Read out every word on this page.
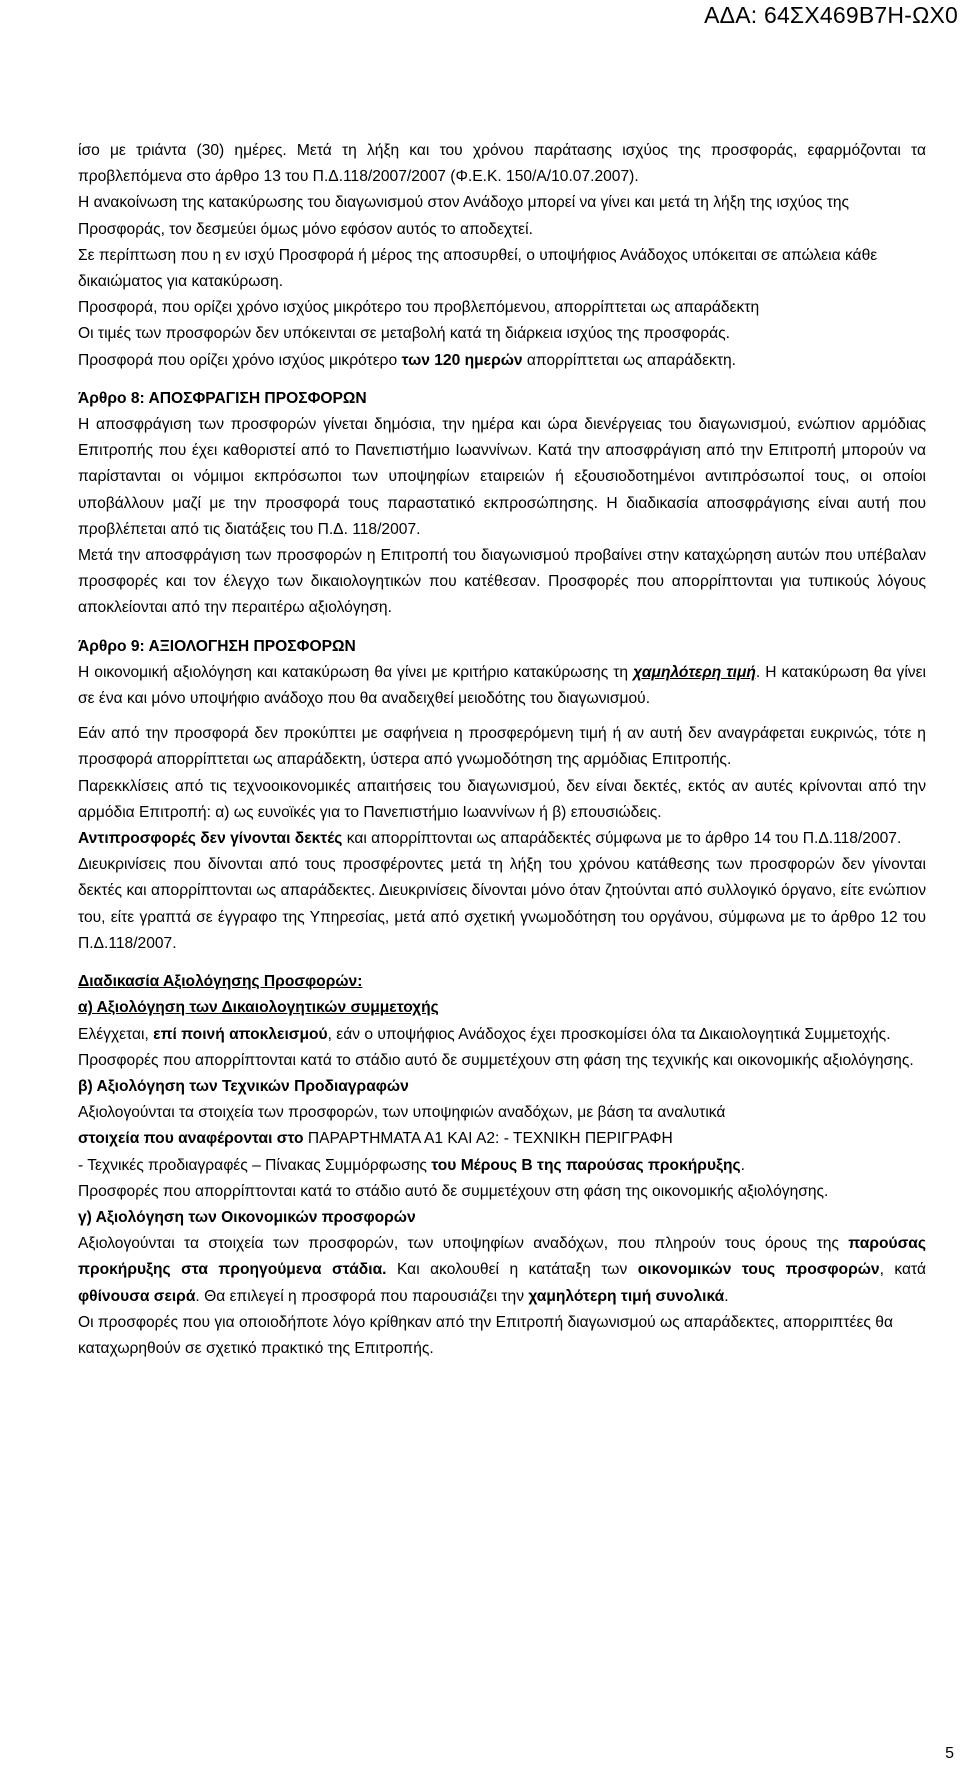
ΑΔΑ: 64ΣΧ469Β7Η-ΩΧ0

ίσο με τριάντα (30) ημέρες. Μετά τη λήξη και του χρόνου παράτασης ισχύος της προσφοράς, εφαρμόζονται τα προβλεπόμενα στο άρθρο 13 του Π.Δ.118/2007/2007 (Φ.Ε.Κ. 150/Α/10.07.2007).

Η ανακοίνωση της κατακύρωσης του διαγωνισμού στον Ανάδοχο μπορεί να γίνει και μετά τη λήξη της ισχύος της Προσφοράς, τον δεσμεύει όμως μόνο εφόσον αυτός το αποδεχτεί.

Σε περίπτωση που η εν ισχύ Προσφορά ή μέρος της αποσυρθεί, ο υποψήφιος Ανάδοχος υπόκειται σε απώλεια κάθε δικαιώματος για κατακύρωση.

Προσφορά, που ορίζει χρόνο ισχύος μικρότερο του προβλεπόμενου, απορρίπτεται ως απαράδεκτη

Οι τιμές των προσφορών δεν υπόκεινται σε μεταβολή κατά τη διάρκεια ισχύος της προσφοράς.

Προσφορά που ορίζει χρόνο ισχύος μικρότερο των 120 ημερών απορρίπτεται ως απαράδεκτη.

Άρθρο 8: ΑΠΟΣΦΡΑΓΙΣΗ ΠΡΟΣΦΟΡΩΝ

Η αποσφράγιση των προσφορών γίνεται δημόσια, την ημέρα και ώρα διενέργειας του διαγωνισμού, ενώπιον αρμόδιας Επιτροπής που έχει καθοριστεί από το Πανεπιστήμιο Ιωαννίνων. Κατά την αποσφράγιση από την Επιτροπή μπορούν να παρίστανται οι νόμιμοι εκπρόσωποι των υποψηφίων εταιρειών ή εξουσιοδοτημένοι αντιπρόσωποί τους, οι οποίοι υποβάλλουν μαζί με την προσφορά τους παραστατικό εκπροσώπησης. Η διαδικασία αποσφράγισης είναι αυτή που προβλέπεται από τις διατάξεις του Π.Δ. 118/2007.

Μετά την αποσφράγιση των προσφορών η Επιτροπή του διαγωνισμού προβαίνει στην καταχώρηση αυτών που υπέβαλαν προσφορές και τον έλεγχο των δικαιολογητικών που κατέθεσαν. Προσφορές που απορρίπτονται για τυπικούς λόγους αποκλείονται από την περαιτέρω αξιολόγηση.

Άρθρο 9: ΑΞΙΟΛΟΓΗΣΗ ΠΡΟΣΦΟΡΩΝ

Η οικονομική αξιολόγηση και κατακύρωση θα γίνει με κριτήριο κατακύρωσης τη χαμηλότερη τιμή. Η κατακύρωση θα γίνει σε ένα και μόνο υποψήφιο ανάδοχο που θα αναδειχθεί μειοδότης του διαγωνισμού.

Εάν από την προσφορά δεν προκύπτει με σαφήνεια η προσφερόμενη τιμή ή αν αυτή δεν αναγράφεται ευκρινώς, τότε η προσφορά απορρίπτεται ως απαράδεκτη, ύστερα από γνωμοδότηση της αρμόδιας Επιτροπής.

Παρεκκλίσεις από τις τεχνοοικονομικές απαιτήσεις του διαγωνισμού, δεν είναι δεκτές, εκτός αν αυτές κρίνονται από την αρμόδια Επιτροπή: α) ως ευνοϊκές για το Πανεπιστήμιο Ιωαννίνων ή β) επουσιώδεις.

Αντιπροσφορές δεν γίνονται δεκτές και απορρίπτονται ως απαράδεκτές σύμφωνα με το άρθρο 14 του Π.Δ.118/2007.

Διευκρινίσεις που δίνονται από τους προσφέροντες μετά τη λήξη του χρόνου κατάθεσης των προσφορών δεν γίνονται δεκτές και απορρίπτονται ως απαράδεκτες. Διευκρινίσεις δίνονται μόνο όταν ζητούνται από συλλογικό όργανο, είτε ενώπιον του, είτε γραπτά σε έγγραφο της Υπηρεσίας, μετά από σχετική γνωμοδότηση του οργάνου, σύμφωνα με το άρθρο 12 του Π.Δ.118/2007.

Διαδικασία Αξιολόγησης Προσφορών:

α) Αξιολόγηση των Δικαιολογητικών συμμετοχής

Ελέγχεται, επί ποινή αποκλεισμού, εάν ο υποψήφιος Ανάδοχος έχει προσκομίσει όλα τα Δικαιολογητικά Συμμετοχής.

Προσφορές που απορρίπτονται κατά το στάδιο αυτό δε συμμετέχουν στη φάση της τεχνικής και οικονομικής αξιολόγησης.

β) Αξιολόγηση των Τεχνικών Προδιαγραφών

Αξιολογούνται τα στοιχεία των προσφορών, των υποψηφιών αναδόχων, με βάση τα αναλυτικά

στοιχεία που αναφέρονται στο ΠΑΡΑΡΤΗΜΑΤΑ Α1 ΚΑΙ Α2: - ΤΕΧΝΙΚΗ ΠΕΡΙΓΡΑΦΗ

- Τεχνικές προδιαγραφές – Πίνακας Συμμόρφωσης του Μέρους Β της παρούσας προκήρυξης.

Προσφορές που απορρίπτονται κατά το στάδιο αυτό δε συμμετέχουν στη φάση της οικονομικής αξιολόγησης.

γ) Αξιολόγηση των Οικονομικών προσφορών

Αξιολογούνται τα στοιχεία των προσφορών, των υποψηφίων αναδόχων, που πληρούν τους όρους της παρούσας προκήρυξης στα προηγούμενα στάδια. Και ακολουθεί η κατάταξη των οικονομικών τους προσφορών, κατά φθίνουσα σειρά. Θα επιλεγεί η προσφορά που παρουσιάζει την χαμηλότερη τιμή συνολικά.

Οι προσφορές που για οποιοδήποτε λόγο κρίθηκαν από την Επιτροπή διαγωνισμού ως απαράδεκτες, απορριπτέες θα καταχωρηθούν σε σχετικό πρακτικό της Επιτροπής.

5
